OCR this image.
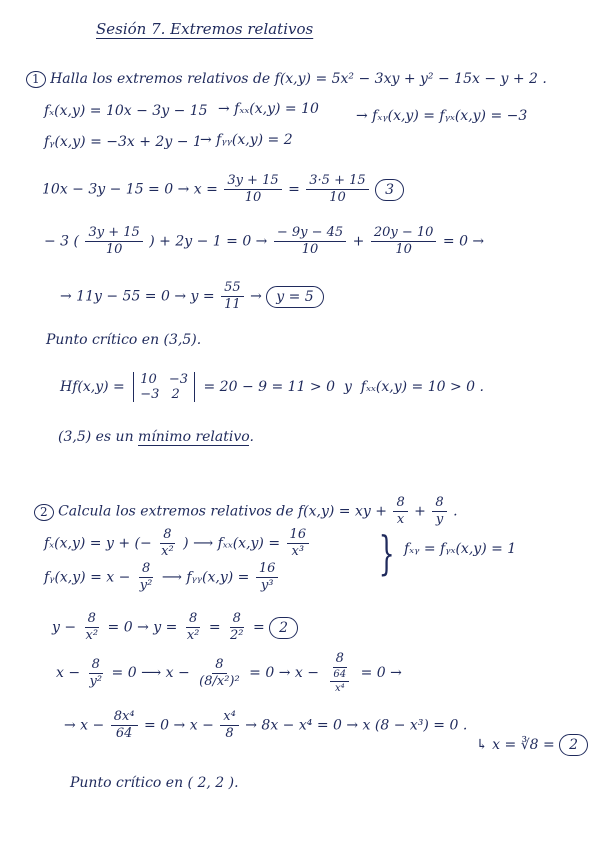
Sesión 7. Extremos relativos
1 Halla los extremos relativos de f(x,y) = 5x² − 3xy + y² − 15x − y + 2 .
fₓ(x,y) = 10x − 3y − 15 → fₓₓ(x,y) = 10	→ fₓᵧ(x,y) = fᵧₓ(x,y) = −3
fᵧ(x,y) = −3x + 2y − 1
→ fᵧᵧ(x,y) = 2
$10x - 3y - 15 = 0 \to x = \frac{3y + 15}{10} = \frac{3\cdot 5 + 15}{10} 3$
− 3 ( $\frac{3y + 15}{10}$ ) + $2y - 1 = 0 \to \frac{- 9y - 45}{10} + \frac{20y - 10}{10} = 0$ →
→ $11y - 55 = 0 \to y = \frac{55}{11} \to y = 5$
Punto crítico en (3,5).
Hf(x,y) = 10 −3
−3 2	= 20 − 9 = 11 > 0 y fₓₓ(x,y) = 10 > 0 .
(3,5) es un mínimo relativo.
2 Calcula los extremos relativos de f(x,y) = xy + $\frac{8}{x} + \frac{8}{y}$ .
fₓ(x,y) = y + (− $\frac{8}{\text{x²}}$ ) ⟶ $f_{xx}(x,y) = \frac{16}{\text{x³}}$ } fₓᵧ = fᵧₓ(x,y) = 1
fᵧ(x,y) = $x - \frac{8}{\text{y²}}$ ⟶ fᵧᵧ(x,y) = $\frac{16}{\text{y³}}$
$y - \frac{8}{\text{x²}} = 0 \to y = \frac{8}{\text{x²}} = \frac{8}{\text{2²}} = 2$
$x - \frac{8}{\text{y²}} = 0$ ⟶ $x - \frac{8}{\text{(8/x²)²}} = 0 \to x - \frac{8}{\frac{64}{\text{x⁴}}} = 0$ →
→ $x - \frac{\text{8x⁴}}{64} = 0 \to x - \frac{\text{x⁴}}{8} \to 8x - x^4 = 0 \to x$ (8 − x³) = 0 .
↳ x = ∛8 = 2
Punto crítico en ( 2, 2 ).
